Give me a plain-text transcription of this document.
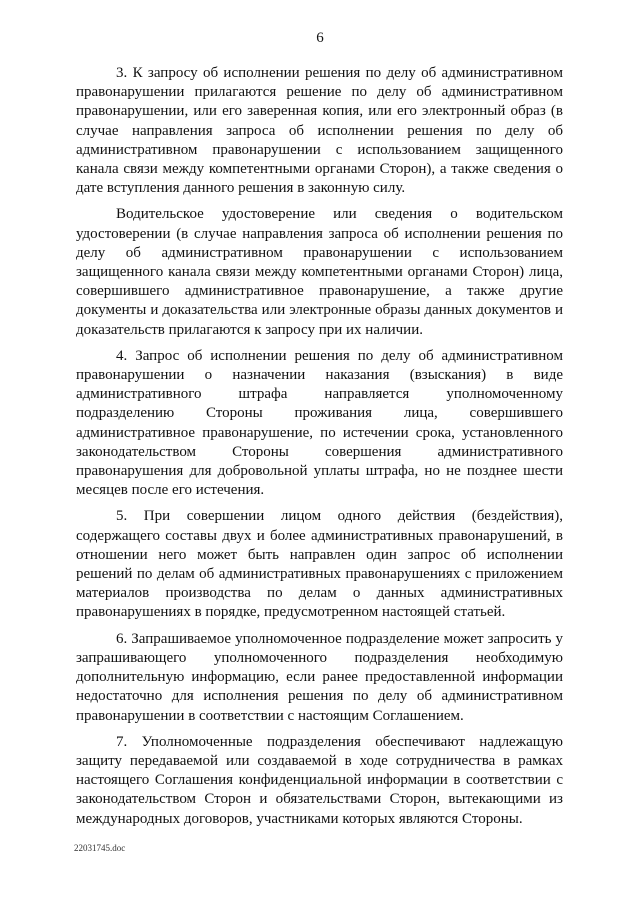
6

3. К запросу об исполнении решения по делу об административном правонарушении прилагаются решение по делу об административном правонарушении, или его заверенная копия, или его электронный образ (в случае направления запроса об исполнении решения по делу об административном правонарушении с использованием защищенного канала связи между компетентными органами Сторон), а также сведения о дате вступления данного решения в законную силу.

Водительское удостоверение или сведения о водительском удостоверении (в случае направления запроса об исполнении решения по делу об административном правонарушении с использованием защищенного канала связи между компетентными органами Сторон) лица, совершившего административное правонарушение, а также другие документы и доказательства или электронные образы данных документов и доказательств прилагаются к запросу при их наличии.

4. Запрос об исполнении решения по делу об административном правонарушении о назначении наказания (взыскания) в виде административного штрафа направляется уполномоченному подразделению Стороны проживания лица, совершившего административное правонарушение, по истечении срока, установленного законодательством Стороны совершения административного правонарушения для добровольной уплаты штрафа, но не позднее шести месяцев после его истечения.

5. При совершении лицом одного действия (бездействия), содержащего составы двух и более административных правонарушений, в отношении него может быть направлен один запрос об исполнении решений по делам об административных правонарушениях с приложением материалов производства по делам о данных административных правонарушениях в порядке, предусмотренном настоящей статьей.

6. Запрашиваемое уполномоченное подразделение может запросить у запрашивающего уполномоченного подразделения необходимую дополнительную информацию, если ранее предоставленной информации недостаточно для исполнения решения по делу об административном правонарушении в соответствии с настоящим Соглашением.

7. Уполномоченные подразделения обеспечивают надлежащую защиту передаваемой или создаваемой в ходе сотрудничества в рамках настоящего Соглашения конфиденциальной информации в соответствии с законодательством Сторон и обязательствами Сторон, вытекающими из международных договоров, участниками которых являются Стороны.

22031745.doc
